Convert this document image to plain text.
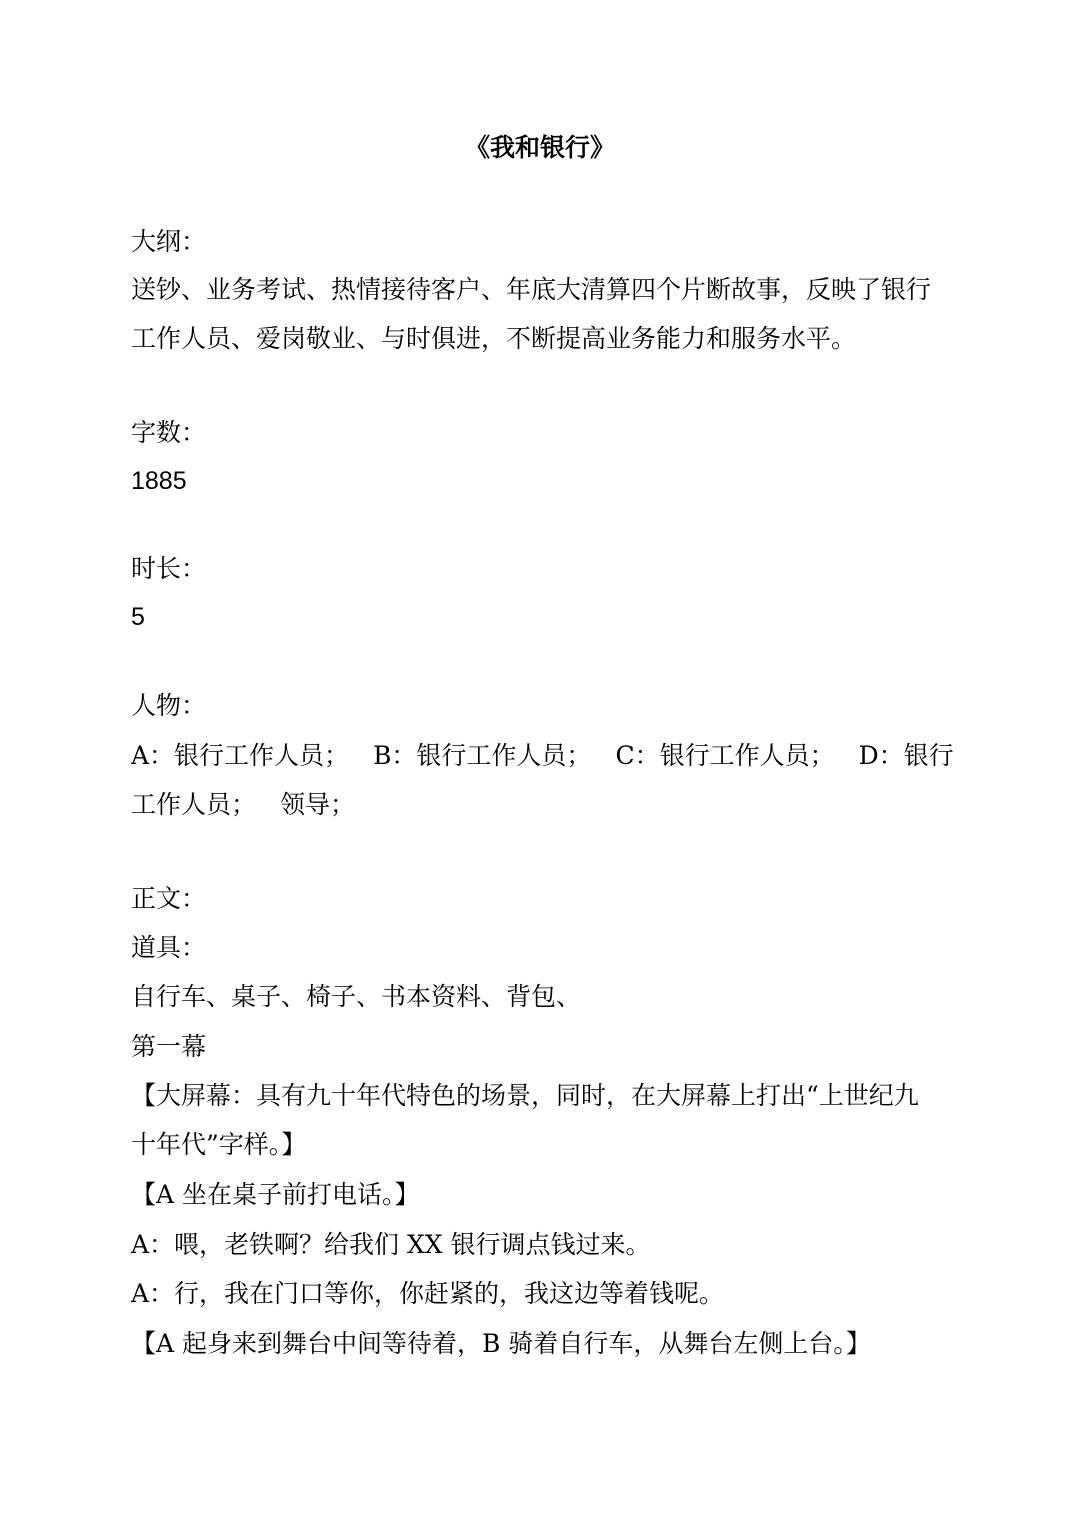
《我和银行》
大纲：
送钞、业务考试、热情接待客户、年底大清算四个片断故事，反映了银行
工作人员、爱岗敬业、与时俱进，不断提高业务能力和服务水平。
字数：
1885
时长：
5
人物：
A：银行工作人员； B：银行工作人员； C：银行工作人员； D：银行
工作人员； 领导；
正文：
道具：
自行车、桌子、椅子、书本资料、背包、
第一幕
【大屏幕：具有九十年代特色的场景，同时，在大屏幕上打出“上世纪九
十年代”字样。】
【A 坐在桌子前打电话。】
A：喂，老铁啊？给我们 XX 银行调点钱过来。
A：行，我在门口等你，你赶紧的，我这边等着钱呢。
【A 起身来到舞台中间等待着，B 骑着自行车，从舞台左侧上台。】
